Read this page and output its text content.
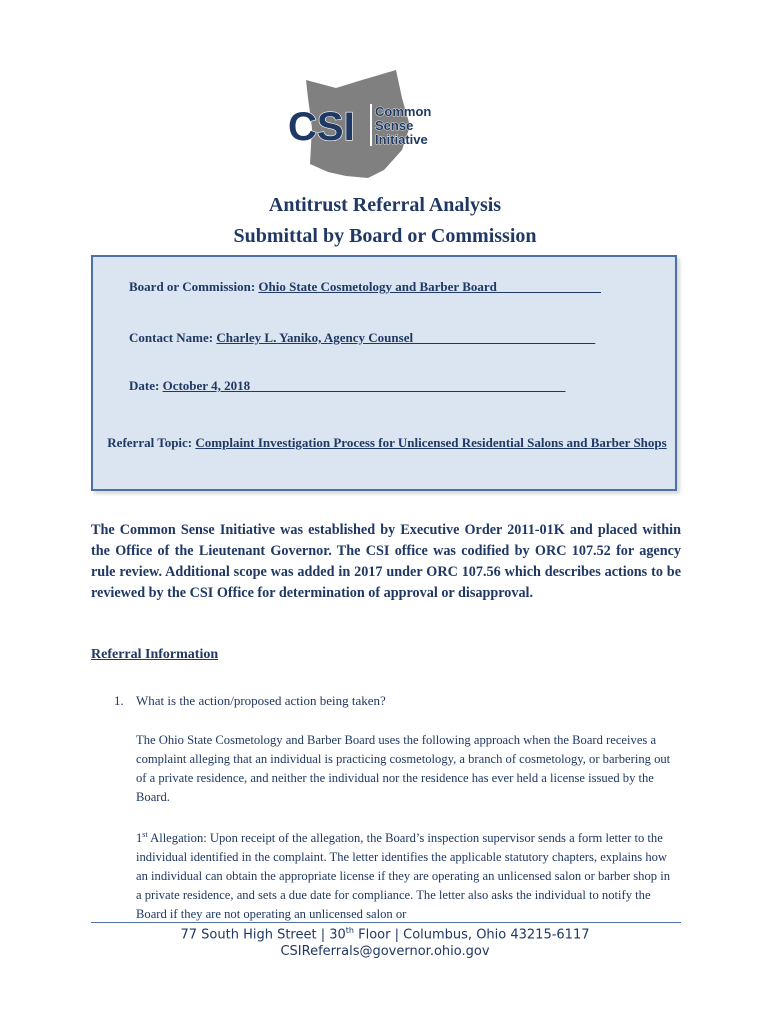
CSI Common
Sense
Initiative
Antitrust Referral Analysis
Submittal by Board or Commission
Board or Commission: Ohio State Cosmetology and Barber Board________________
Contact Name: Charley L. Yaniko, Agency Counsel____________________________
Date: October 4, 2018 ________________________________________________
Referral Topic: Complaint Investigation Process for Unlicensed Residential Salons and Barber Shops
The Common Sense Initiative was established by Executive Order 2011-01K and placed within the Office of the Lieutenant Governor. The CSI office was codified by ORC 107.52 for agency rule review. Additional scope was added in 2017 under ORC 107.56 which describes actions to be reviewed by the CSI Office for determination of approval or disapproval.
Referral Information
1. What is the action/proposed action being taken?
The Ohio State Cosmetology and Barber Board uses the following approach when the Board receives a complaint alleging that an individual is practicing cosmetology, a branch of cosmetology, or barbering out of a private residence, and neither the individual nor the residence has ever held a license issued by the Board.
1st Allegation: Upon receipt of the allegation, the Board’s inspection supervisor sends a form letter to the individual identified in the complaint. The letter identifies the applicable statutory chapters, explains how an individual can obtain the appropriate license if they are operating an unlicensed salon or barber shop in a private residence, and sets a due date for compliance. The letter also asks the individual to notify the Board if they are not operating an unlicensed salon or
77 South High Street | 30th Floor | Columbus, Ohio 43215-6117
CSIReferrals@governor.ohio.gov
